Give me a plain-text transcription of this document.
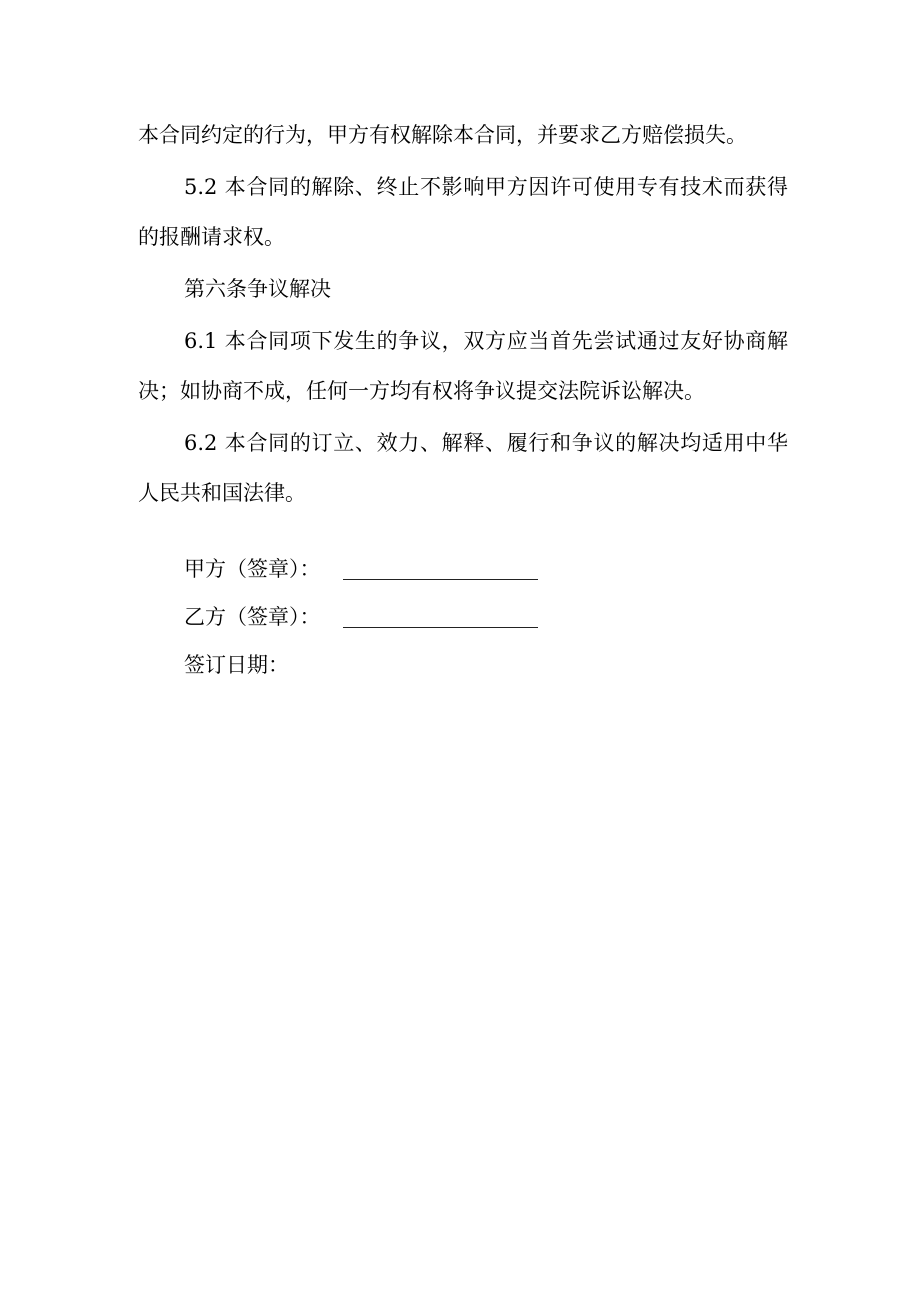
本合同约定的行为，甲方有权解除本合同，并要求乙方赔偿损失。

5.2 本合同的解除、终止不影响甲方因许可使用专有技术而获得的报酬请求权。

第六条争议解决

6.1 本合同项下发生的争议，双方应当首先尝试通过友好协商解决；如协商不成，任何一方均有权将争议提交法院诉讼解决。

6.2 本合同的订立、效力、解释、履行和争议的解决均适用中华人民共和国法律。

甲方（签章）：
乙方（签章）：
签订日期：
